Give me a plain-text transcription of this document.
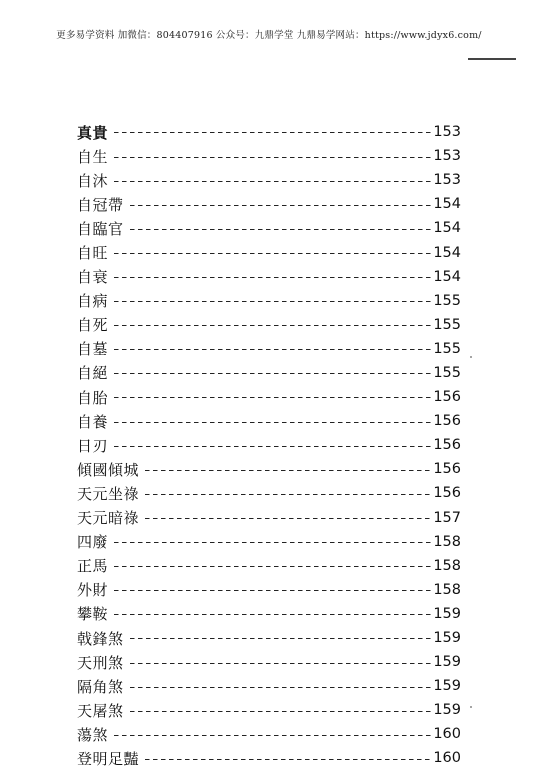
更多易学资料 加微信：804407916 公众号：九鼎学堂 九鼎易学网站：https://www.jdyx6.com/
真貴	153
自生	153
自沐	153
自冠帶	154
自臨官	154
自旺	154
自衰	154
自病	155
自死	155
自墓	155
自絕	155
自胎	156
自養	156
日刃	156
傾國傾城	156
天元坐祿	156
天元暗祿	157
四廢	158
正馬	158
外財	158
攀鞍	159
戟鋒煞	159
天刑煞	159
隔角煞	159
天屠煞	159
蕩煞	160
登明足豔	160
